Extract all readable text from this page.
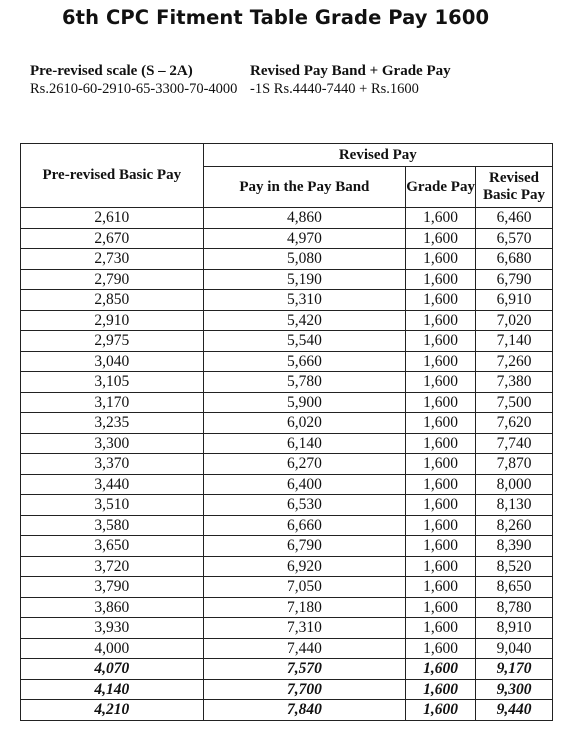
6th CPC Fitment Table Grade Pay 1600
Pre-revised scale (S – 2A)
Rs.2610-60-2910-65-3300-70-4000
Revised Pay Band + Grade Pay
-1S Rs.4440-7440 + Rs.1600
Pre-revised Basic Pay	Revised Pay		
	Pay in the Pay Band	Grade Pay	Revised Basic Pay
2,610	4,860	1,600	6,460
2,670	4,970	1,600	6,570
2,730	5,080	1,600	6,680
2,790	5,190	1,600	6,790
2,850	5,310	1,600	6,910
2,910	5,420	1,600	7,020
2,975	5,540	1,600	7,140
3,040	5,660	1,600	7,260
3,105	5,780	1,600	7,380
3,170	5,900	1,600	7,500
3,235	6,020	1,600	7,620
3,300	6,140	1,600	7,740
3,370	6,270	1,600	7,870
3,440	6,400	1,600	8,000
3,510	6,530	1,600	8,130
3,580	6,660	1,600	8,260
3,650	6,790	1,600	8,390
3,720	6,920	1,600	8,520
3,790	7,050	1,600	8,650
3,860	7,180	1,600	8,780
3,930	7,310	1,600	8,910
4,000	7,440	1,600	9,040
4,070	7,570	1,600	9,170
4,140	7,700	1,600	9,300
4,210	7,840	1,600	9,440
